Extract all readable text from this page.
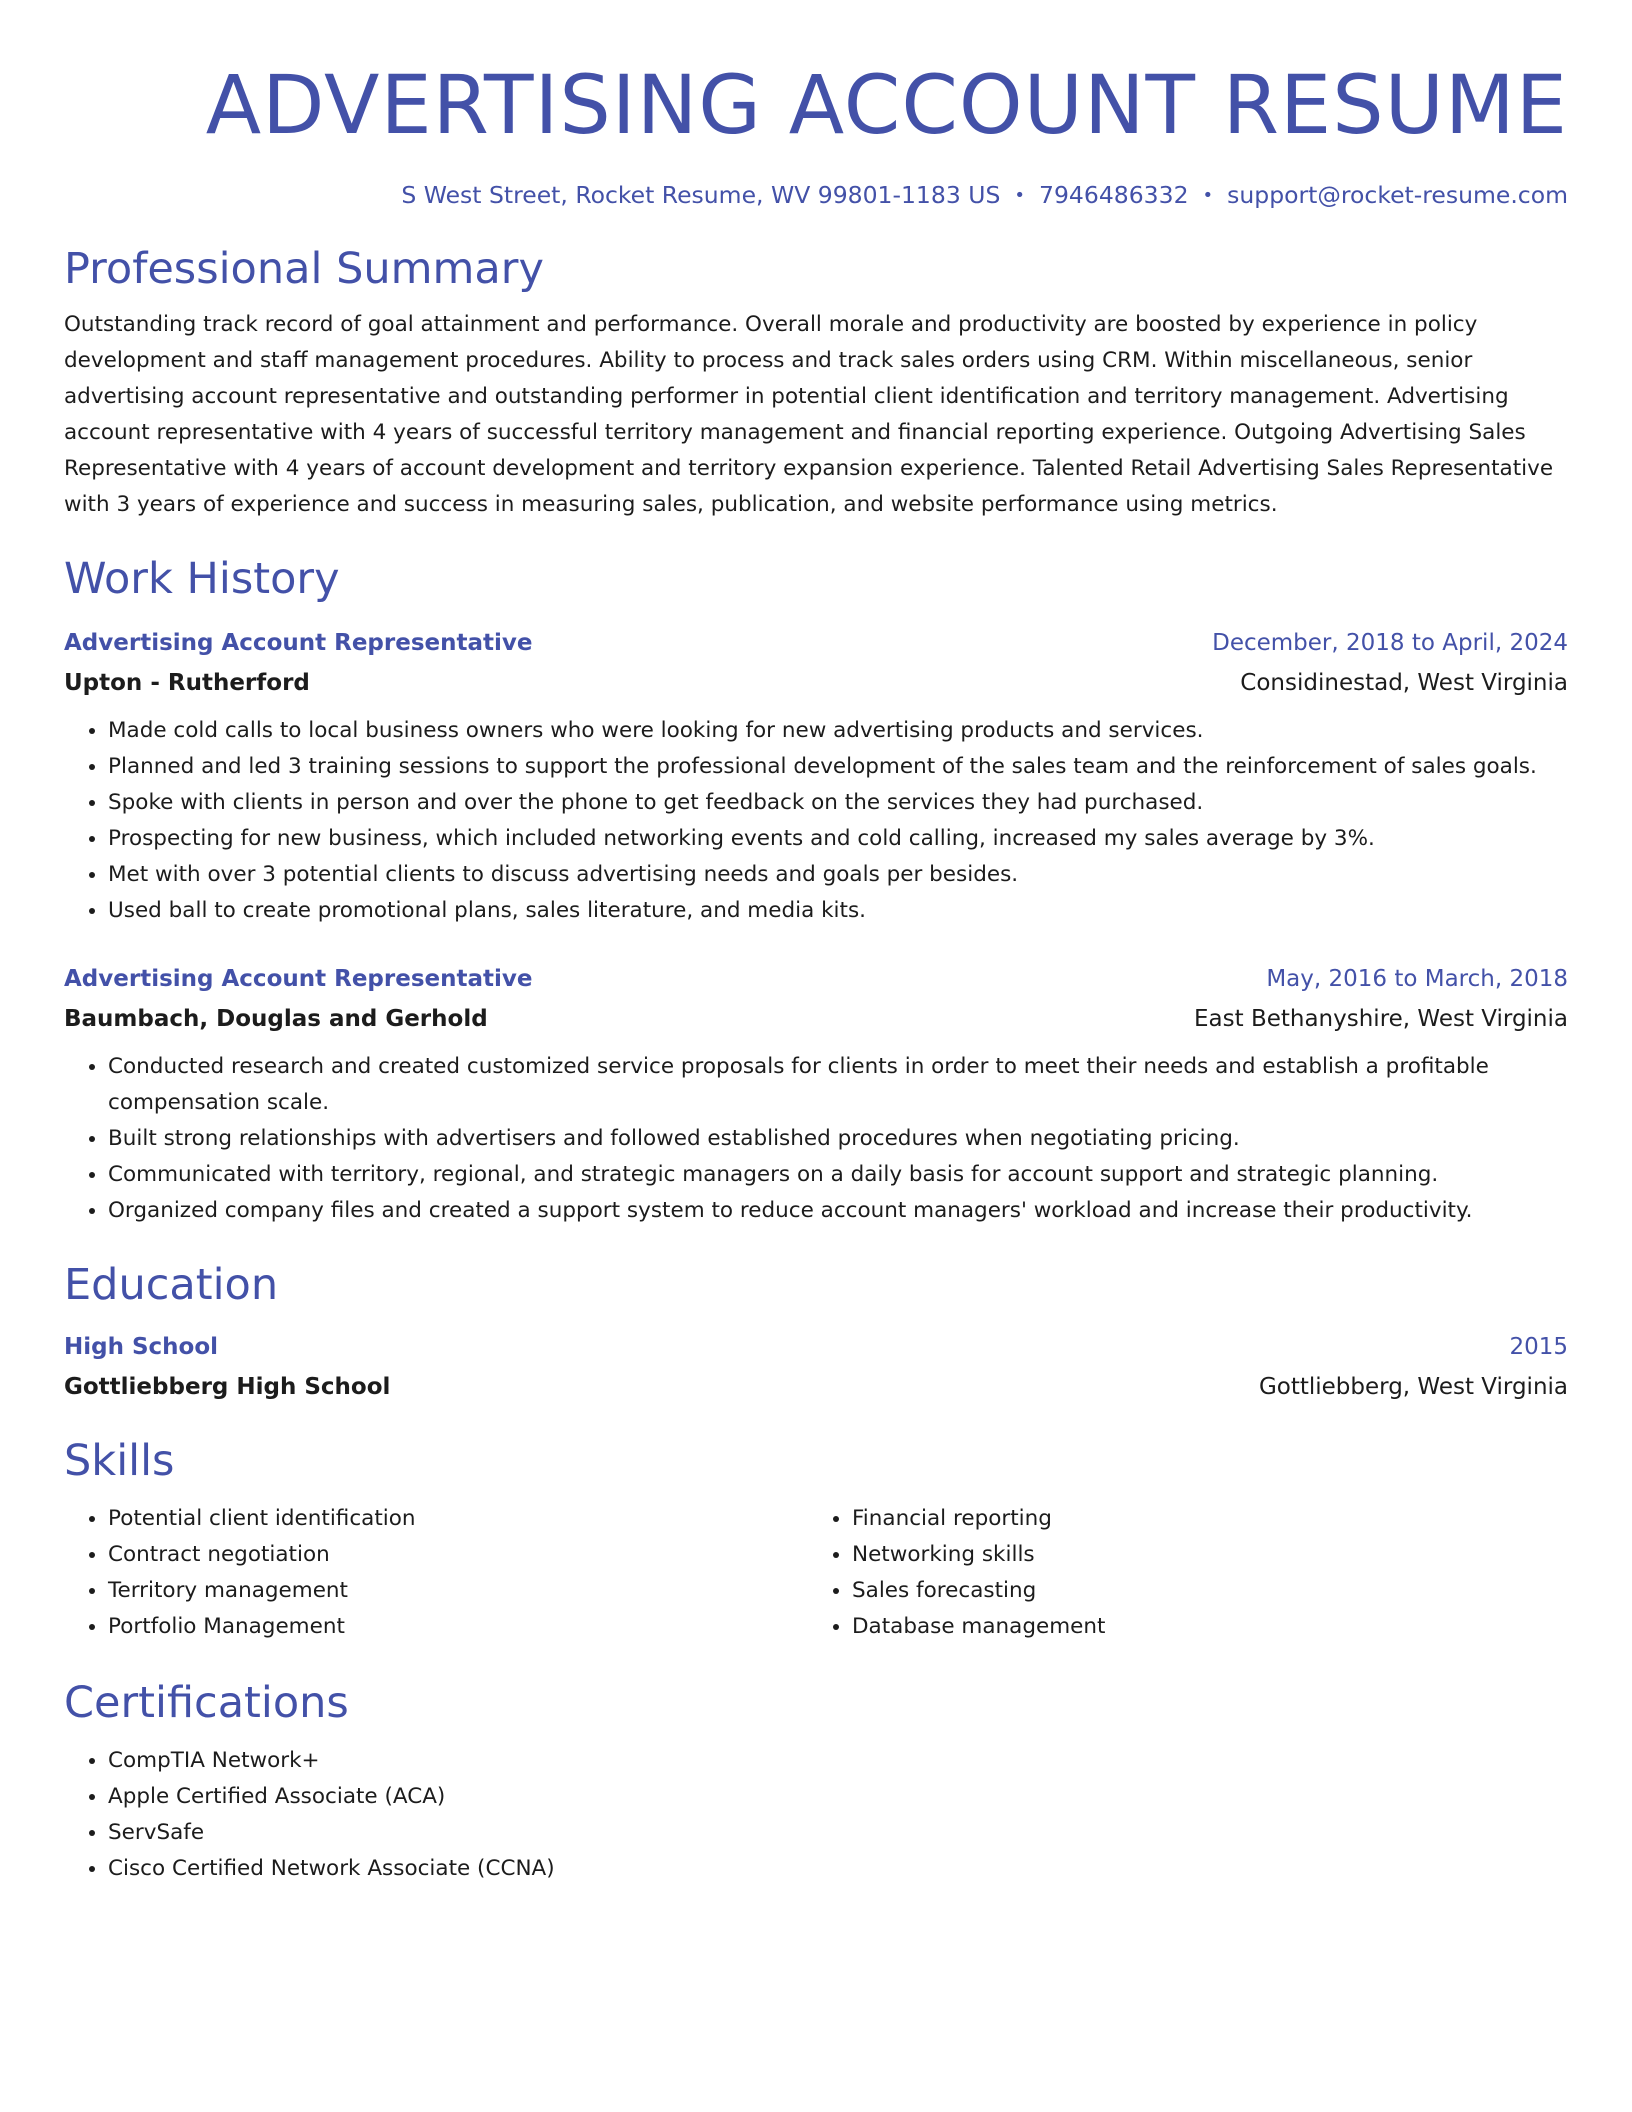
ADVERTISING ACCOUNT RESUME
S West Street, Rocket Resume, WV 99801-1183 US • 7946486332 • support@rocket-resume.com
Professional Summary

Outstanding track record of goal attainment and performance. Overall morale and productivity are boosted by experience in policy development and staff management procedures. Ability to process and track sales orders using CRM. Within miscellaneous, senior advertising account representative and outstanding performer in potential client identification and territory management. Advertising account representative with 4 years of successful territory management and financial reporting experience. Outgoing Advertising Sales Representative with 4 years of account development and territory expansion experience. Talented Retail Advertising Sales Representative with 3 years of experience and success in measuring sales, publication, and website performance using metrics.

Work History
Advertising Account Representative	December, 2018 to April, 2024
Upton - Rutherford	Considinestad, West Virginia
• Made cold calls to local business owners who were looking for new advertising products and services.
• Planned and led 3 training sessions to support the professional development of the sales team and the reinforcement of sales goals.
• Spoke with clients in person and over the phone to get feedback on the services they had purchased.
• Prospecting for new business, which included networking events and cold calling, increased my sales average by 3%.
• Met with over 3 potential clients to discuss advertising needs and goals per besides.
• Used ball to create promotional plans, sales literature, and media kits.
Advertising Account Representative	May, 2016 to March, 2018
Baumbach, Douglas and Gerhold	East Bethanyshire, West Virginia
• Conducted research and created customized service proposals for clients in order to meet their needs and establish a profitable compensation scale.
• Built strong relationships with advertisers and followed established procedures when negotiating pricing.
• Communicated with territory, regional, and strategic managers on a daily basis for account support and strategic planning.
• Organized company files and created a support system to reduce account managers' workload and increase their productivity.
Education
High School	2015
Gottliebberg High School	Gottliebberg, West Virginia
Skills
• Potential client identification
• Contract negotiation
• Territory management
• Portfolio Management
• Financial reporting
• Networking skills
• Sales forecasting
• Database management
Certifications
• CompTIA Network+
• Apple Certified Associate (ACA)
• ServSafe
• Cisco Certified Network Associate (CCNA)
